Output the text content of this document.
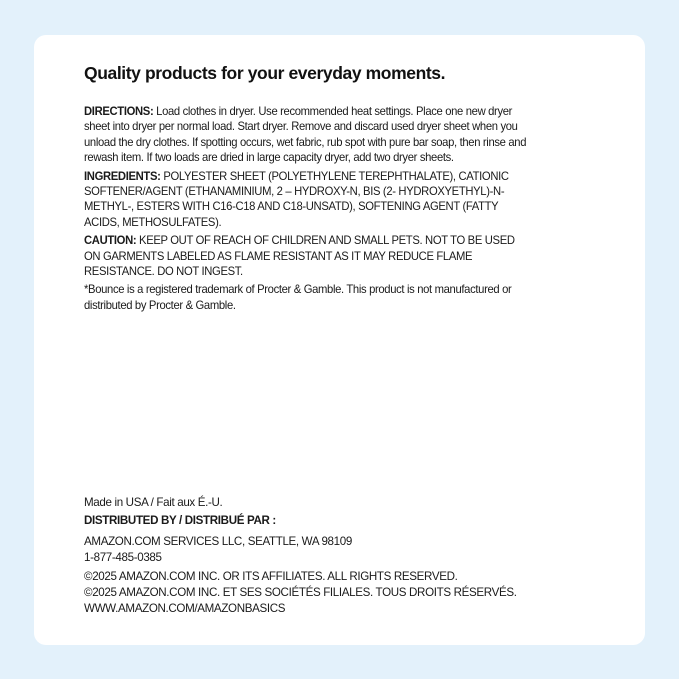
Quality products for your everyday moments.

DIRECTIONS: Load clothes in dryer. Use recommended heat settings. Place one new dryer sheet into dryer per normal load. Start dryer. Remove and discard used dryer sheet when you unload the dry clothes. If spotting occurs, wet fabric, rub spot with pure bar soap, then rinse and rewash item. If two loads are dried in large capacity dryer, add two dryer sheets.

INGREDIENTS: POLYESTER SHEET (POLYETHYLENE TEREPHTHALATE), CATIONIC SOFTENER/AGENT (ETHANAMINIUM, 2 – HYDROXY-N, BIS (2- HYDROXYETHYL)-N-METHYL-, ESTERS WITH C16-C18 AND C18-UNSATD), SOFTENING AGENT (FATTY ACIDS, METHOSULFATES).

CAUTION: KEEP OUT OF REACH OF CHILDREN AND SMALL PETS. NOT TO BE USED ON GARMENTS LABELED AS FLAME RESISTANT AS IT MAY REDUCE FLAME RESISTANCE. DO NOT INGEST.

*Bounce is a registered trademark of Procter & Gamble. This product is not manufactured or distributed by Procter & Gamble.

Made in USA / Fait aux É.-U.
DISTRIBUTED BY / DISTRIBUÉ PAR :
AMAZON.COM SERVICES LLC, SEATTLE, WA 98109
1-877-485-0385
©2025 AMAZON.COM INC. OR ITS AFFILIATES. ALL RIGHTS RESERVED.
©2025 AMAZON.COM INC. ET SES SOCIÉTÉS FILIALES. TOUS DROITS RÉSERVÉS.
WWW.AMAZON.COM/AMAZONBASICS
